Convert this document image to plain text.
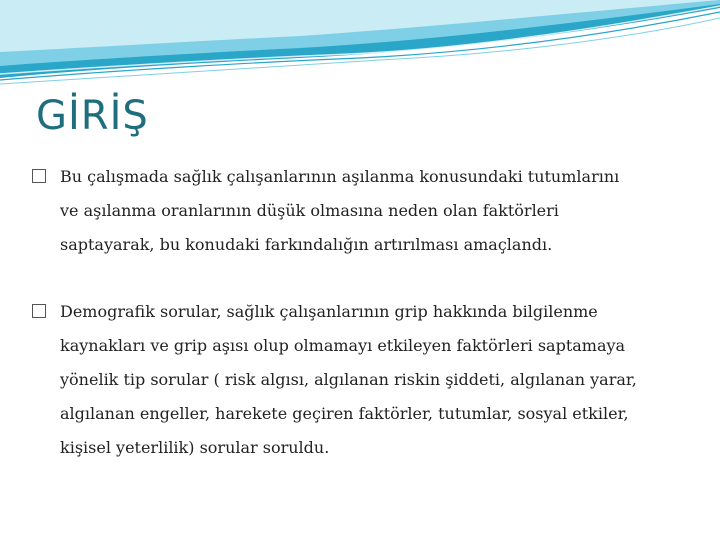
GİRİŞ
Bu çalışmada sağlık çalışanlarının aşılanma konusundaki tutumlarını
ve aşılanma oranlarının düşük olmasına neden olan faktörleri
saptayarak, bu konudaki farkındalığın artırılması amaçlandı.
Demografik sorular, sağlık çalışanlarının grip hakkında bilgilenme
kaynakları ve grip aşısı olup olmamayı etkileyen faktörleri saptamaya
yönelik tip sorular ( risk algısı, algılanan riskin şiddeti, algılanan yarar,
algılanan engeller, harekete geçiren faktörler, tutumlar, sosyal etkiler,
kişisel yeterlilik) sorular soruldu.
